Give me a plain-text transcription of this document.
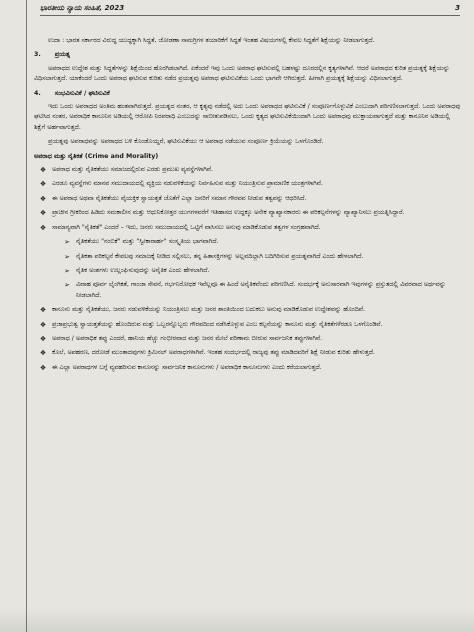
ಭಾರತೀಯ ನ್ಯಾಯ ಸಂಹಿತೆ, 2023	3

ಉದಾ : ಭಾರತ ಸರ್ಕಾರದ ವಿರುದ್ಧ ಯುದ್ಧಕ್ಕಾಗಿ ಸಿದ್ಧತೆ, ಜೋಡಣಾ ಸಾಮಗ್ರಿಗಳ ತಯಾರಿಕೆಗೆ ಸಿದ್ಧತೆ ಇಂತಹ ವಿಷಯಗಳಲ್ಲಿ ಕೇವಲ ಸಿದ್ಧತೆಗೆ ಶಿಕ್ಷೆಯನ್ನು ನೀಡಲಾಗುತ್ತದೆ.

3. ಪ್ರಯತ್ನ

ಅಪರಾಧದ ಉದ್ದೇಶ ಮತ್ತು ಸಿದ್ಧತೆಗಳನ್ನು ಶಿಕ್ಷೆಯಿಂದ ಹೊರಗಿಡಲಾಗಿದೆ. ಏಕೆಂದರೆ ಇವು ಒಂದು ಅಪರಾಧ ಘಟಿಸುವಲ್ಲಿ ಬಹಳಷ್ಟು ದೂರದಲ್ಲಿನ ಕೃತ್ಯಗಳಾಗಿವೆ. ಆದರೆ ಅಪರಾಧದ ಕುರಿತ ಪ್ರಯತ್ನಕ್ಕೆ ಶಿಕ್ಷೆಯನ್ನು ವಿಧಿಸಲಾಗುತ್ತದೆ. ಯಾಕೆಂದರೆ ಒಂದು ಅಪರಾಧ ಘಟಿಸುವ ಕುರಿತು ನಡೆದ ಪ್ರಯತ್ನವು ಅಪರಾಧ ಘಟಿಸುವಿಕೆಯ ಒಂದು ಭಾಗವೇ ಆಗಿರುತ್ತದೆ. ಹೀಗಾಗಿ ಪ್ರಯತ್ನಕ್ಕೆ ಶಿಕ್ಷೆಯನ್ನು ವಿಧಿಸಲಾಗುತ್ತದೆ.

4. ಸಂಭವಿಸುವಿಕೆ / ಘಟಿಸುವಿಕೆ

ಇದು ಒಂದು ಅಪರಾಧದ ಅಂತಿಮ ಹಂತವಾಗಿರುತ್ತದೆ. ಪ್ರಯತ್ನದ ನಂತರ, ಆ ಕೃತ್ಯವು ನಡೆದಲ್ಲಿ ಅದು ಒಂದು ಅಪರಾಧದ ಘಟಿಸುವಿಕೆ / ಸಂಪೂರ್ಣಗೊಳ್ಳುವಿಕೆ ಎಂಬುದಾಗಿ ಪರಿಗಣಿಸಲಾಗುತ್ತದೆ. ಒಂದು ಅಪರಾಧವು ಘಟಿಸಿದ ನಂತರ, ಅಪರಾಧಿಕ ಕಾನೂನಿನ ಅಡಿಯಲ್ಲಿ ಆರೋಪಿ ನಿರಪರಾಧಿ ಎಂಬುದನ್ನು ಸಾಬೀತುಪಡಿಸಲು, ಒಂದು ಕೃತ್ಯದ ಘಟಿಸುವಿಕೆಯಿಂದಾಗಿ ಒಂದು ಅಪರಾಧವು ಮುಕ್ತಾಯವಾಗುತ್ತದೆ ಮತ್ತು ಕಾನೂನಿನ ಅಡಿಯಲ್ಲಿ ಶಿಕ್ಷೆಗೆ ಅರ್ಹವಾಗುತ್ತದೆ.

ಪ್ರಯತ್ನವು ಅಪರಾಧವನ್ನು ಅಪರಾಧದ ಬಳಿ ಕೊಂಡೊಯ್ದರೆ, ಘಟಿಸುವಿಕೆಯು ಆ ಅಪರಾಧ ನಡೆಯುವ ಸಂಪೂರ್ಣ ಕ್ರಿಯೆಯನ್ನು ಒಳಗೊಂಡಿದೆ.

ಅಪರಾಧ ಮತ್ತು ನೈತಿಕತೆ (Crime and Morality)
❖ ಅಪರಾಧ ಮತ್ತು ನೈತಿಕತೆಯು ಸಮಾಜದಲ್ಲಿರುವ ಎರಡು ಪ್ರಮುಖ ವ್ಯವಸ್ಥೆಗಳಾಗಿವೆ.
❖ ಎರಡೂ ವ್ಯವಸ್ಥೆಗಳು ಮಾನವ ಸಮುದಾಯದಲ್ಲಿ ವ್ಯಕ್ತಿಯ ನಡುವಳಿಕೆಯನ್ನು ನಿರ್ವಹಿಸುವ ಮತ್ತು ನಿಯಂತ್ರಿಸುವ ಪ್ರಾಮಾಣಿಕ ಯಂತ್ರಗಳಾಗಿವೆ.
❖ ಈ ಅಪರಾಧ ಅಥವಾ ನೈತಿಕತೆಯು ವೈಯಕ್ತಿಕ ಸ್ವಾಯತ್ತತೆ ಜೊತೆಗೆ ಎಲ್ಲಾ ಜನರಿಗೆ ಸಮಾನ ಗೌರವವ ನೀಡುವ ತತ್ವವನ್ನು ಆಧರಿಸಿದೆ.
❖ ಪ್ರಾಚೀನ ಗ್ರೀಕರಿಂದ ಹಿಡಿದು ಸಮಕಾಲೀನ ಮತ್ತು ಆಧುನಿಕೋತ್ತರ ಯುಗಗಳವರೆಗೆ ಇತಿಹಾಸದ ಉದ್ದಕ್ಕೂ ಅನೇಕ ವ್ಯಾಖ್ಯಾನಕಾರರು ಈ ಪರಿಕಲ್ಪನೆಗಳನ್ನು ವ್ಯಾಖ್ಯಾನಿಸಲು ಪ್ರಯತ್ನಿಸಿದ್ದಾರೆ.
❖ ಸಾಮಾನ್ಯವಾಗಿ "ನೈತಿಕತೆ" ಎಂದರೆ – ಇದು, ಜನರು ಸಮುದಾಯದಲ್ಲಿ ಒಟ್ಟಿಗೆ ವಾಸಿಸಲು ಅನುವು ಮಾಡಿಕೊಡುವ ತತ್ವಗಳ ಸಂಗ್ರಹವಾಗಿದೆ.
➢ ನೈತಿಕತೆಯು "ನಂಬಿಕೆ" ಮತ್ತು "ಸ್ವೀಕಾರಾರ್ಹ" ಸಂಸ್ಕೃತಿಯ ಭಾಗವಾಗಿದೆ.
➢ ನೈತಿಕತಾ ಪರಿಕಲ್ಪನೆ ಕೇವಲವು ಸಮಾಜಕ್ಕೆ ನೀಡಿದ ಸಲ್ಲಿಸಲು, ತನ್ನ ಹಿತಾಸಕ್ತಿಗಳನ್ನು ಅಲ್ಲವದಿಲ್ಲಾಗಿ ಬದಿಗಿರಿಸುವ ಪ್ರಯತ್ನವಾಗಿದೆ ಎಂದು ಹೇಳಲಾಗಿದೆ.
➢ ನೈತಿಕ ಅಂಶಗಳು ಉಲ್ಲಂಘಿಸುವುದನ್ನು ಅನೈತಿಕ ಎಂದು ಹೇಳಲಾಗಿದೆ.
➢ ವಿವಾಹ ಪೂರ್ವ ಲೈಂಗಿಕತೆ, ಗಾಂಜಾ ಸೇವನೆ, ಗರ್ಭನಿರೋಧಕ ಇವೆಲ್ಲವೂ ಈ ಹಿಂದೆ ಅನೈತಿಕವೆಂದು ಪರಿಗಣಿಸಿದೆ. ಸಂದರ್ಭಕ್ಕೆ ಅನುಸಾರವಾಗಿ ಇವುಗಳನ್ನು ಪ್ರಸ್ತುತದಲ್ಲಿ ವಿವರವಾದ ಅರ್ಥವನ್ನು ನೀಡಲಾಗಿದೆ.
❖ ಕಾನೂನು ಮತ್ತು ನೈತಿಕತೆಯು, ಜನರು ನಡುವಳಿಕೆಯನ್ನು ನಿಯಂತ್ರಿಸಲು ಮತ್ತು ಜನರ ಶಾಂತಿಯಿಂದ ಬದುಕಲು ಅನುವು ಮಾಡಿಕೊಡುವ ಉದ್ದೇಶವನ್ನು ಹೊಂದಿವೆ.
❖ ಪ್ರಜಾಪ್ರಭುತ್ವ ಸ್ವಾಯತ್ತತೆಯನ್ನು ಹೊಂದಿರುವ ಮತ್ತು ಒಬ್ಬರನ್ನೊಬ್ಬರು ಗೌರವದಿಂದ ನಡೆಸಿಕೊಳ್ಳುವ ಎಂಬ ಕಲ್ಪನೆಯನ್ನು ಕಾನೂನು ಮತ್ತು ನೈತಿಕತೆಗಳೆರಡೂ ಒಳಗೊಂಡಿವೆ.
❖ ಅಪರಾಧ / ಅಪರಾಧಿಕ ತಪ್ಪು ಎಂದರೆ, ಹಾನಿಯ ಹೆಚ್ಚು ಗಂಭೀರವಾದ ಮತ್ತು ಜನರ ಮೇಲೆ ಪರಿಣಾಮ ಬೀರುವ ಸಾರ್ವಜನಿಕ ತಪ್ಪುಗಳಾಗಿವೆ.
❖ ಕೊಲೆ, ಅಪಹರಣ, ದರೋಡೆ ಮುಂತಾದವುಗಳು ಕ್ರಿಮಿನಲ್ ಅಪರಾಧಗಳಾಗಿವೆ. ಇಂತಹ ಸಂದರ್ಭದಲ್ಲಿ ರಾಜ್ಯವು ತಪ್ಪು ಮಾಡಿದವರಿಗೆ ಶಿಕ್ಷೆ ನೀಡುವ ಕುರಿತು ಹೇಳುತ್ತದೆ.
❖ ಈ ಎಲ್ಲಾ ಅಪರಾಧಗಳ ಬಗ್ಗೆ ವ್ಯವಹರಿಸುವ ಕಾನೂನನ್ನು ಸಾರ್ವಜನಿಕ ಕಾನೂನುಗಳು / ಅಪರಾಧಿಕ ಕಾನೂನುಗಳು ಎಂದು ಕರೆಯಲಾಗುತ್ತದೆ.
